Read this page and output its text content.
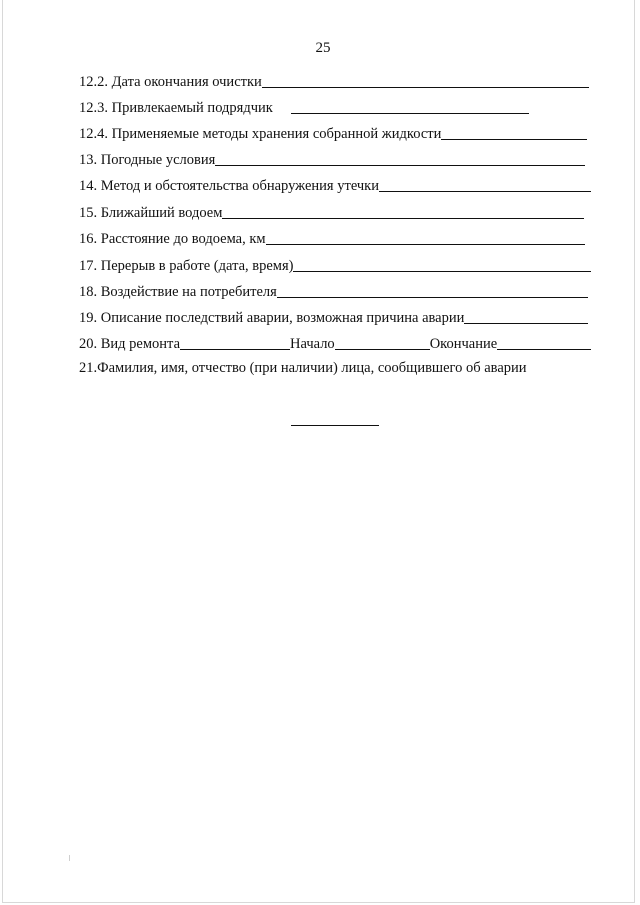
25
12.2. Дата окончания очистки
12.3. Привлекаемый подрядчик
12.4. Применяемые методы хранения собранной жидкости
13. Погодные условия
14. Метод и обстоятельства обнаружения утечки
15. Ближайший водоем
16. Расстояние до водоема, км
17. Перерыв в работе (дата, время)
18. Воздействие на потребителя
19. Описание последствий аварии, возможная причина аварии
20. Вид ремонта	Начало	Окончание
21.Фамилия, имя, отчество (при наличии) лица, сообщившего об аварии
